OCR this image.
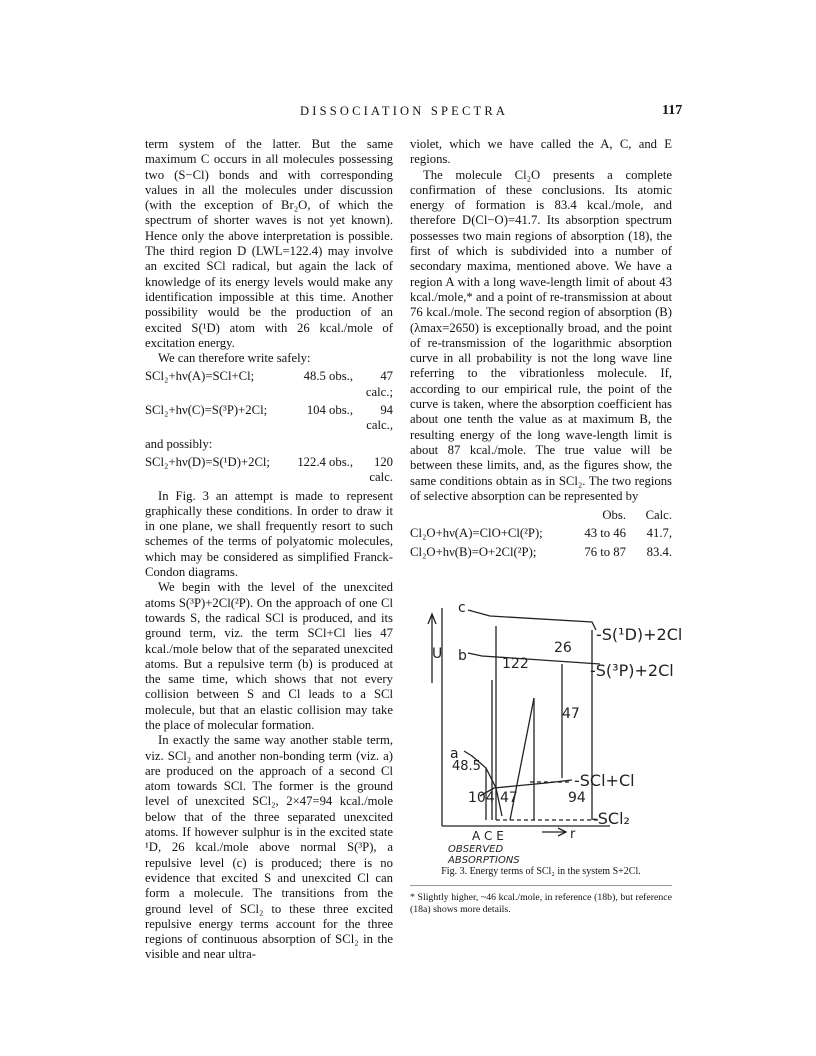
DISSOCIATION SPECTRA	117

term system of the latter. But the same maximum C occurs in all molecules possessing two (S−Cl) bonds and with corresponding values in all the molecules under discussion (with the exception of Br₂O, of which the spectrum of shorter waves is not yet known). Hence only the above interpretation is possible. The third region D (LWL=122.4) may involve an excited SCl radical, but again the lack of knowledge of its energy levels would make any identification impossible at this time. Another possibility would be the production of an excited S(¹D) atom with 26 kcal./mole of excitation energy.

We can therefore write safely:

SCl₂+hν(A)=SCl+Cl;	48.5 obs.,	47 calc.;
SCl₂+hν(C)=S(³P)+2Cl;	104 obs.,	94 calc.,

and possibly:

SCl₂+hν(D)=S(¹D)+2Cl;	122.4 obs.,	120 calc.

In Fig. 3 an attempt is made to represent graphically these conditions. In order to draw it in one plane, we shall frequently resort to such schemes of the terms of polyatomic molecules, which may be considered as simplified Franck-Condon diagrams.

We begin with the level of the unexcited atoms S(³P)+2Cl(²P). On the approach of one Cl towards S, the radical SCl is produced, and its ground term, viz. the term SCl+Cl lies 47 kcal./mole below that of the separated unexcited atoms. But a repulsive term (b) is produced at the same time, which shows that not every collision between S and Cl leads to a SCl molecule, but that an elastic collision may take the place of molecular formation.

In exactly the same way another stable term, viz. SCl₂ and another non-bonding term (viz. a) are produced on the approach of a second Cl atom towards SCl. The former is the ground level of unexcited SCl₂, 2×47=94 kcal./mole below that of the three separated unexcited atoms. If however sulphur is in the excited state ¹D, 26 kcal./mole above normal S(³P), a repulsive level (c) is produced; there is no evidence that excited S and unexcited Cl can form a molecule. The transitions from the ground level of SCl₂ to these three excited repulsive energy terms account for the three regions of continuous absorption of SCl₂ in the visible and near ultra-

violet, which we have called the A, C, and E regions.

The molecule Cl₂O presents a complete confirmation of these conclusions. Its atomic energy of formation is 83.4 kcal./mole, and therefore D(Cl−O)=41.7. Its absorption spectrum possesses two main regions of absorption (18), the first of which is subdivided into a number of secondary maxima, mentioned above. We have a region A with a long wave-length limit of about 43 kcal./mole,* and a point of re-transmission at about 76 kcal./mole. The second region of absorption (B) (λmax=2650) is exceptionally broad, and the point of re-transmission of the logarithmic absorption curve in all probability is not the long wave line referring to the vibrationless molecule. If, according to our empirical rule, the point of the curve is taken, where the absorption coefficient has about one tenth the value as at maximum B, the resulting energy of the long wave-length limit is about 87 kcal./mole. The true value will be between these limits, and, as the figures show, the same conditions obtain as in SCl₂. The two regions of selective absorption can be represented by

Obs.	Calc.
Cl₂O+hν(A)=ClO+Cl(²P);	43 to 46	41.7,
Cl₂O+hν(B)=O+2Cl(²P);	76 to 87	83.4.
U
c
b
a
-S(¹D)+2Cl
-S(³P)+2Cl
-SCl+Cl
-SCl₂
122
26
47
48.5
104 47	94
A C E	r
OBSERVED
ABSORPTIONS
Fig. 3. Energy terms of SCl₂ in the system S+2Cl.
* Slightly higher, ~46 kcal./mole, in reference (18b), but reference (18a) shows more details.
